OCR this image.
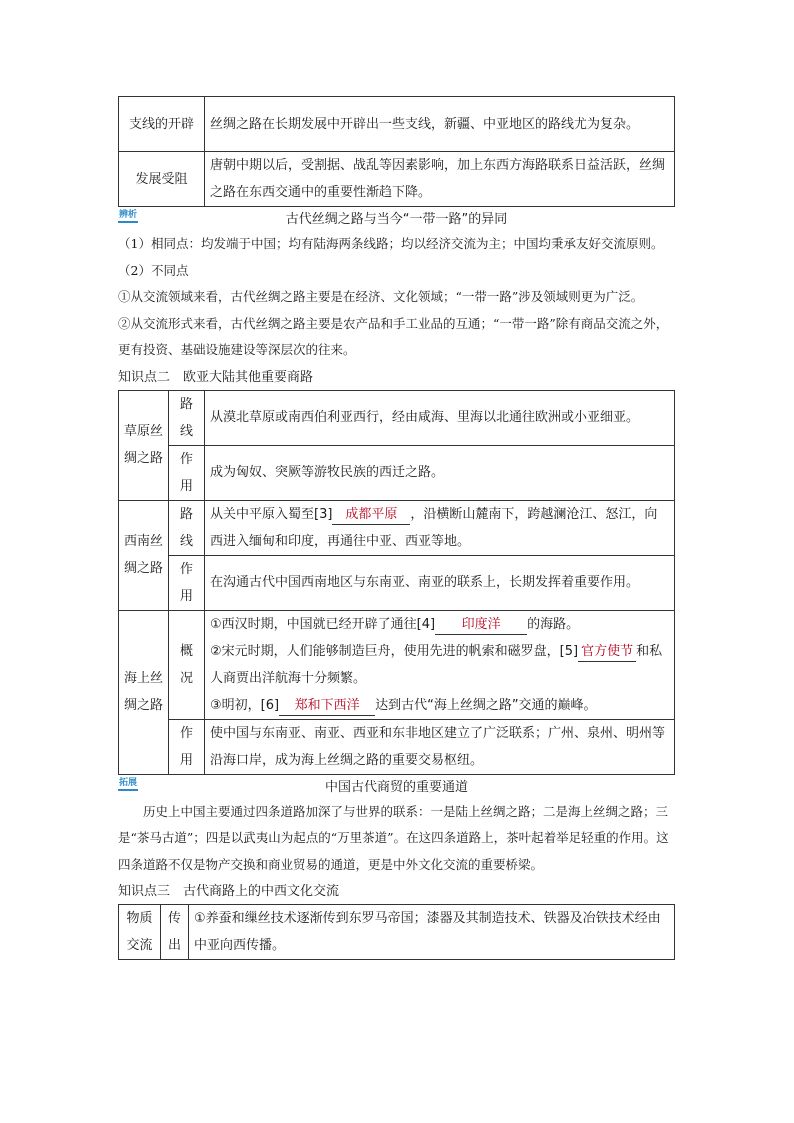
支线的开辟	丝绸之路在长期发展中开辟出一些支线，新疆、中亚地区的路线尤为复杂。
发展受阻	唐朝中期以后，受割据、战乱等因素影响，加上东西方海路联系日益活跃，丝绸之路在东西交通中的重要性渐趋下降。
辨析	古代丝绸之路与当今“一带一路”的异同
（1）相同点：均发端于中国；均有陆海两条线路；均以经济交流为主；中国均秉承友好交流原则。
（2）不同点
①从交流领域来看，古代丝绸之路主要是在经济、文化领域；“一带一路”涉及领域则更为广泛。
②从交流形式来看，古代丝绸之路主要是农产品和手工业品的互通；“一带一路”除有商品交流之外，更有投资、基础设施建设等深层次的往来。
知识点二　欧亚大陆其他重要商路
草原丝绸之路	路线	从漠北草原或南西伯利亚西行，经由咸海、里海以北通往欧洲或小亚细亚。
	作用	成为匈奴、突厥等游牧民族的西迁之路。
西南丝绸之路	路线	从关中平原入蜀至[3] 成都平原 ，沿横断山麓南下，跨越澜沧江、怒江，向西进入缅甸和印度，再通往中亚、西亚等地。
	作用	在沟通古代中国西南地区与东南亚、南亚的联系上，长期发挥着重要作用。
海上丝绸之路	概况	①西汉时期，中国就已经开辟了通往[4] 印度洋 的海路。
②宋元时期，人们能够制造巨舟，使用先进的帆索和磁罗盘，[5] 官方使节 和私人商贾出洋航海十分频繁。
③明初，[6] 郑和下西洋 达到古代“海上丝绸之路”交通的巅峰。

	作用	使中国与东南亚、南亚、西亚和东非地区建立了广泛联系；广州、泉州、明州等沿海口岸，成为海上丝绸之路的重要交易枢纽。
拓展	中国古代商贸的重要通道
历史上中国主要通过四条道路加深了与世界的联系：一是陆上丝绸之路；二是海上丝绸之路；三是“茶马古道”；四是以武夷山为起点的“万里茶道”。在这四条道路上，茶叶起着举足轻重的作用。这四条道路不仅是物产交换和商业贸易的通道，更是中外文化交流的重要桥梁。
知识点三　古代商路上的中西文化交流
物质交流	传出	①养蚕和缫丝技术逐渐传到东罗马帝国；漆器及其制造技术、铁器及冶铁技术经由中亚向西传播。
